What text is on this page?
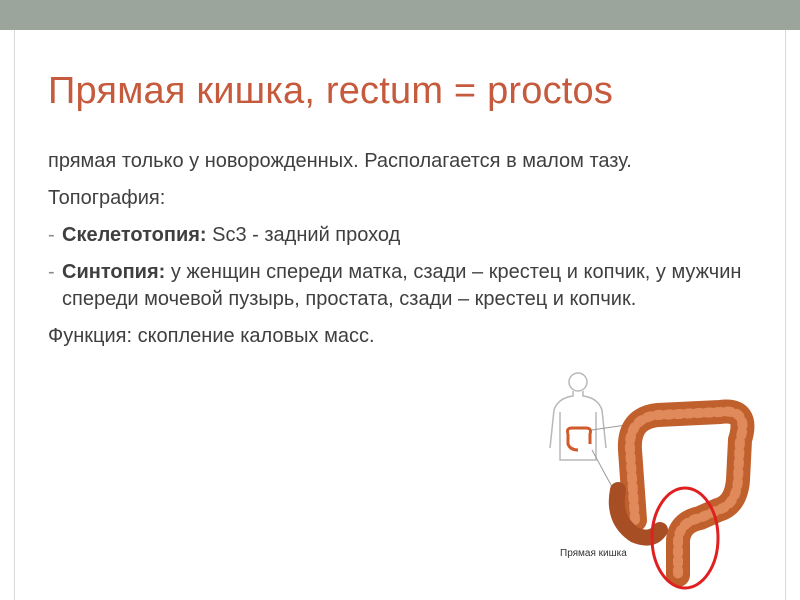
Прямая кишка, rectum = proctos

прямая только у новорожденных. Располагается в малом тазу.

Топография:

- Скелетотопия: Sc3 - задний проход
- Синтопия: у женщин спереди матка, сзади – крестец и копчик, у мужчин спереди мочевой пузырь, простата, сзади – крестец и копчик.

Функция: скопление каловых масс.

Прямая кишка
